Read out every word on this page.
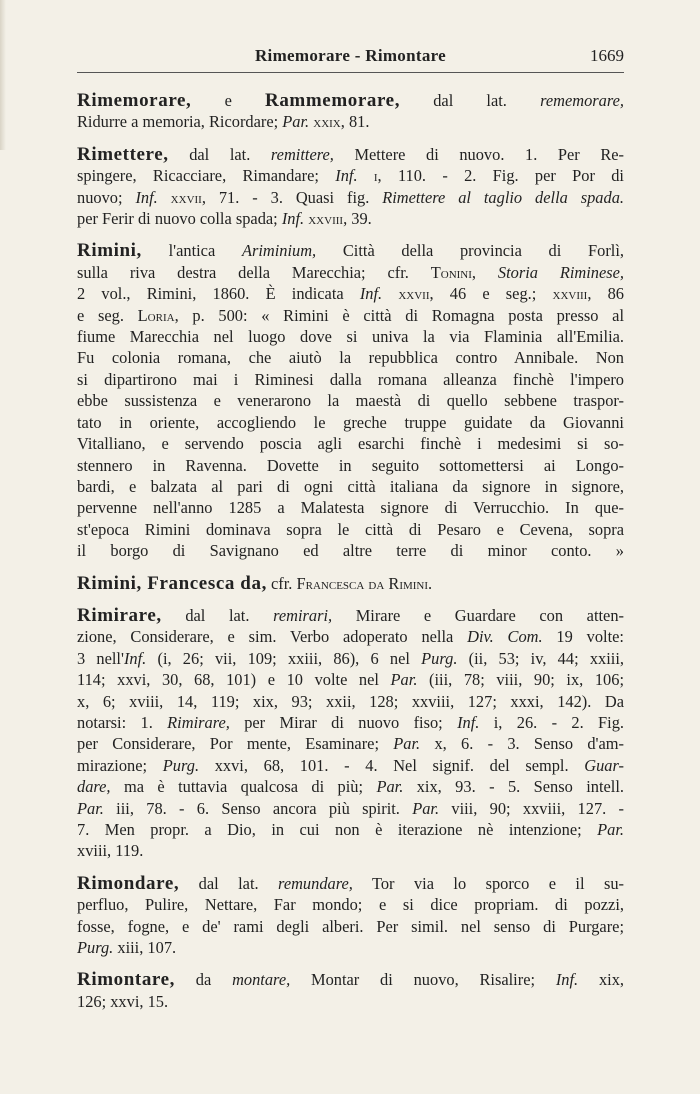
Rimemorare - Rimontare	1669
Rimemorare, e Rammemorare, dal lat. rememorare,
Ridurre a memoria, Ricordare; Par. xxix, 81.
Rimettere, dal lat. remittere, Mettere di nuovo. 1. Per Re-
spingere, Ricacciare, Rimandare; Inf. i, 110. - 2. Fig. per Por di
nuovo; Inf. xxvii, 71. - 3. Quasi fig. Rimettere al taglio della spada.
per Ferir di nuovo colla spada; Inf. xxviii, 39.
Rimini, l'antica Ariminium, Città della provincia di Forlì,
sulla riva destra della Marecchia; cfr. Tonini, Storia Riminese,
2 vol., Rimini, 1860. È indicata Inf. xxvii, 46 e seg.; xxviii, 86
e seg. Loria, p. 500: « Rimini è città di Romagna posta presso al
fiume Marecchia nel luogo dove si univa la via Flaminia all'Emilia.
Fu colonia romana, che aiutò la repubblica contro Annibale. Non
si dipartirono mai i Riminesi dalla romana alleanza finchè l'impero
ebbe sussistenza e venerarono la maestà di quello sebbene traspor-
tato in oriente, accogliendo le greche truppe guidate da Giovanni
Vitalliano, e servendo poscia agli esarchi finchè i medesimi si so-
stennero in Ravenna. Dovette in seguito sottomettersi ai Longo-
bardi, e balzata al pari di ogni città italiana da signore in signore,
pervenne nell'anno 1285 a Malatesta signore di Verrucchio. In que-
st'epoca Rimini dominava sopra le città di Pesaro e Cevena, sopra
il borgo di Savignano ed altre terre di minor conto. »
Rimini, Francesca da, cfr. Francesca da Rimini.
Rimirare, dal lat. remirari, Mirare e Guardare con atten-
zione, Considerare, e sim. Verbo adoperato nella Div. Com. 19 volte:
3 nell'Inf. (i, 26; vii, 109; xxiii, 86), 6 nel Purg. (ii, 53; iv, 44; xxiii,
114; xxvi, 30, 68, 101) e 10 volte nel Par. (iii, 78; viii, 90; ix, 106;
x, 6; xviii, 14, 119; xix, 93; xxii, 128; xxviii, 127; xxxi, 142). Da
notarsi: 1. Rimirare, per Mirar di nuovo fiso; Inf. i, 26. - 2. Fig.
per Considerare, Por mente, Esaminare; Par. x, 6. - 3. Senso d'am-
mirazione; Purg. xxvi, 68, 101. - 4. Nel signif. del sempl. Guar-
dare, ma è tuttavia qualcosa di più; Par. xix, 93. - 5. Senso intell.
Par. iii, 78. - 6. Senso ancora più spirit. Par. viii, 90; xxviii, 127. -
7. Men propr. a Dio, in cui non è iterazione nè intenzione; Par.
xviii, 119.
Rimondare, dal lat. remundare, Tor via lo sporco e il su-
perfluo, Pulire, Nettare, Far mondo; e si dice propriam. di pozzi,
fosse, fogne, e de' rami degli alberi. Per simil. nel senso di Purgare;
Purg. xiii, 107.
Rimontare, da montare, Montar di nuovo, Risalire; Inf. xix,
126; xxvi, 15.
